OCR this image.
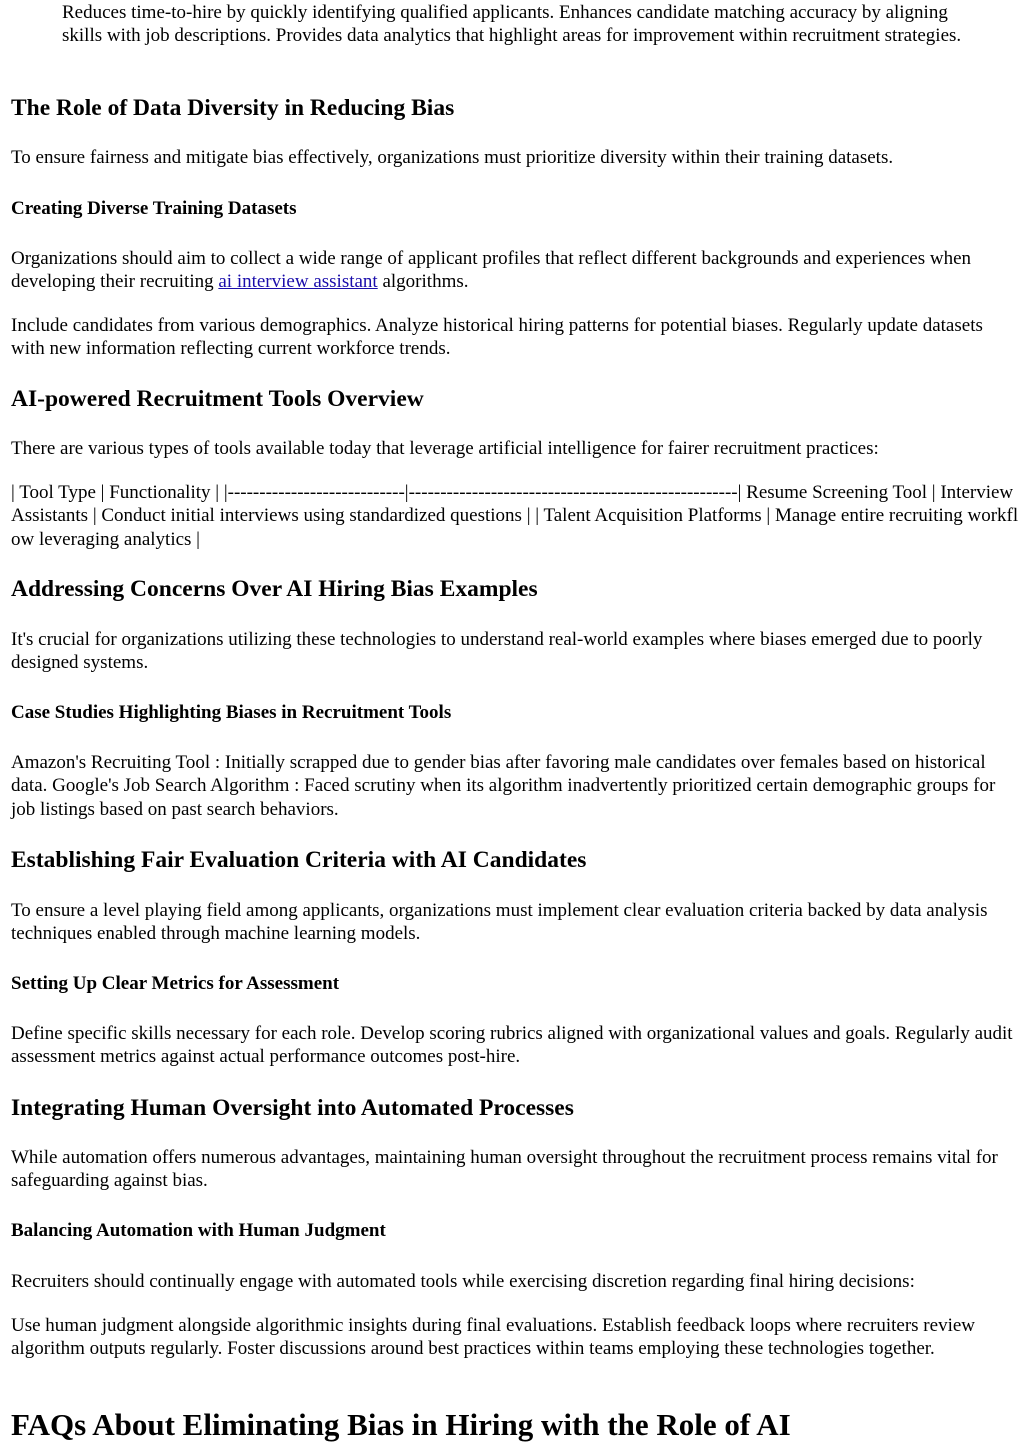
Reduces time-to-hire by quickly identifying qualified applicants. Enhances candidate matching accuracy by aligning skills with job descriptions. Provides data analytics that highlight areas for improvement within recruitment strategies.

The Role of Data Diversity in Reducing Bias

To ensure fairness and mitigate bias effectively, organizations must prioritize diversity within their training datasets.

Creating Diverse Training Datasets

Organizations should aim to collect a wide range of applicant profiles that reflect different backgrounds and experiences when developing their recruiting ai interview assistant algorithms.

Include candidates from various demographics. Analyze historical hiring patterns for potential biases. Regularly update datasets with new information reflecting current workforce trends.

AI-powered Recruitment Tools Overview

There are various types of tools available today that leverage artificial intelligence for fairer recruitment practices:

| Tool Type | Functionality | |----------------------------|----------------------------------------------------| Resume Screening Tool | Interview Assistants | Conduct initial interviews using standardized questions | | Talent Acquisition Platforms | Manage entire recruiting workflow leveraging analytics |
Addressing Concerns Over AI Hiring Bias Examples

It's crucial for organizations utilizing these technologies to understand real-world examples where biases emerged due to poorly designed systems.

Case Studies Highlighting Biases in Recruitment Tools

Amazon's Recruiting Tool : Initially scrapped due to gender bias after favoring male candidates over females based on historical data. Google's Job Search Algorithm : Faced scrutiny when its algorithm inadvertently prioritized certain demographic groups for job listings based on past search behaviors.

Establishing Fair Evaluation Criteria with AI Candidates

To ensure a level playing field among applicants, organizations must implement clear evaluation criteria backed by data analysis techniques enabled through machine learning models.

Setting Up Clear Metrics for Assessment

Define specific skills necessary for each role. Develop scoring rubrics aligned with organizational values and goals. Regularly audit assessment metrics against actual performance outcomes post-hire.

Integrating Human Oversight into Automated Processes

While automation offers numerous advantages, maintaining human oversight throughout the recruitment process remains vital for safeguarding against bias.

Balancing Automation with Human Judgment

Recruiters should continually engage with automated tools while exercising discretion regarding final hiring decisions:

Use human judgment alongside algorithmic insights during final evaluations. Establish feedback loops where recruiters review algorithm outputs regularly. Foster discussions around best practices within teams employing these technologies together.

FAQs About Eliminating Bias in Hiring with the Role of AI
